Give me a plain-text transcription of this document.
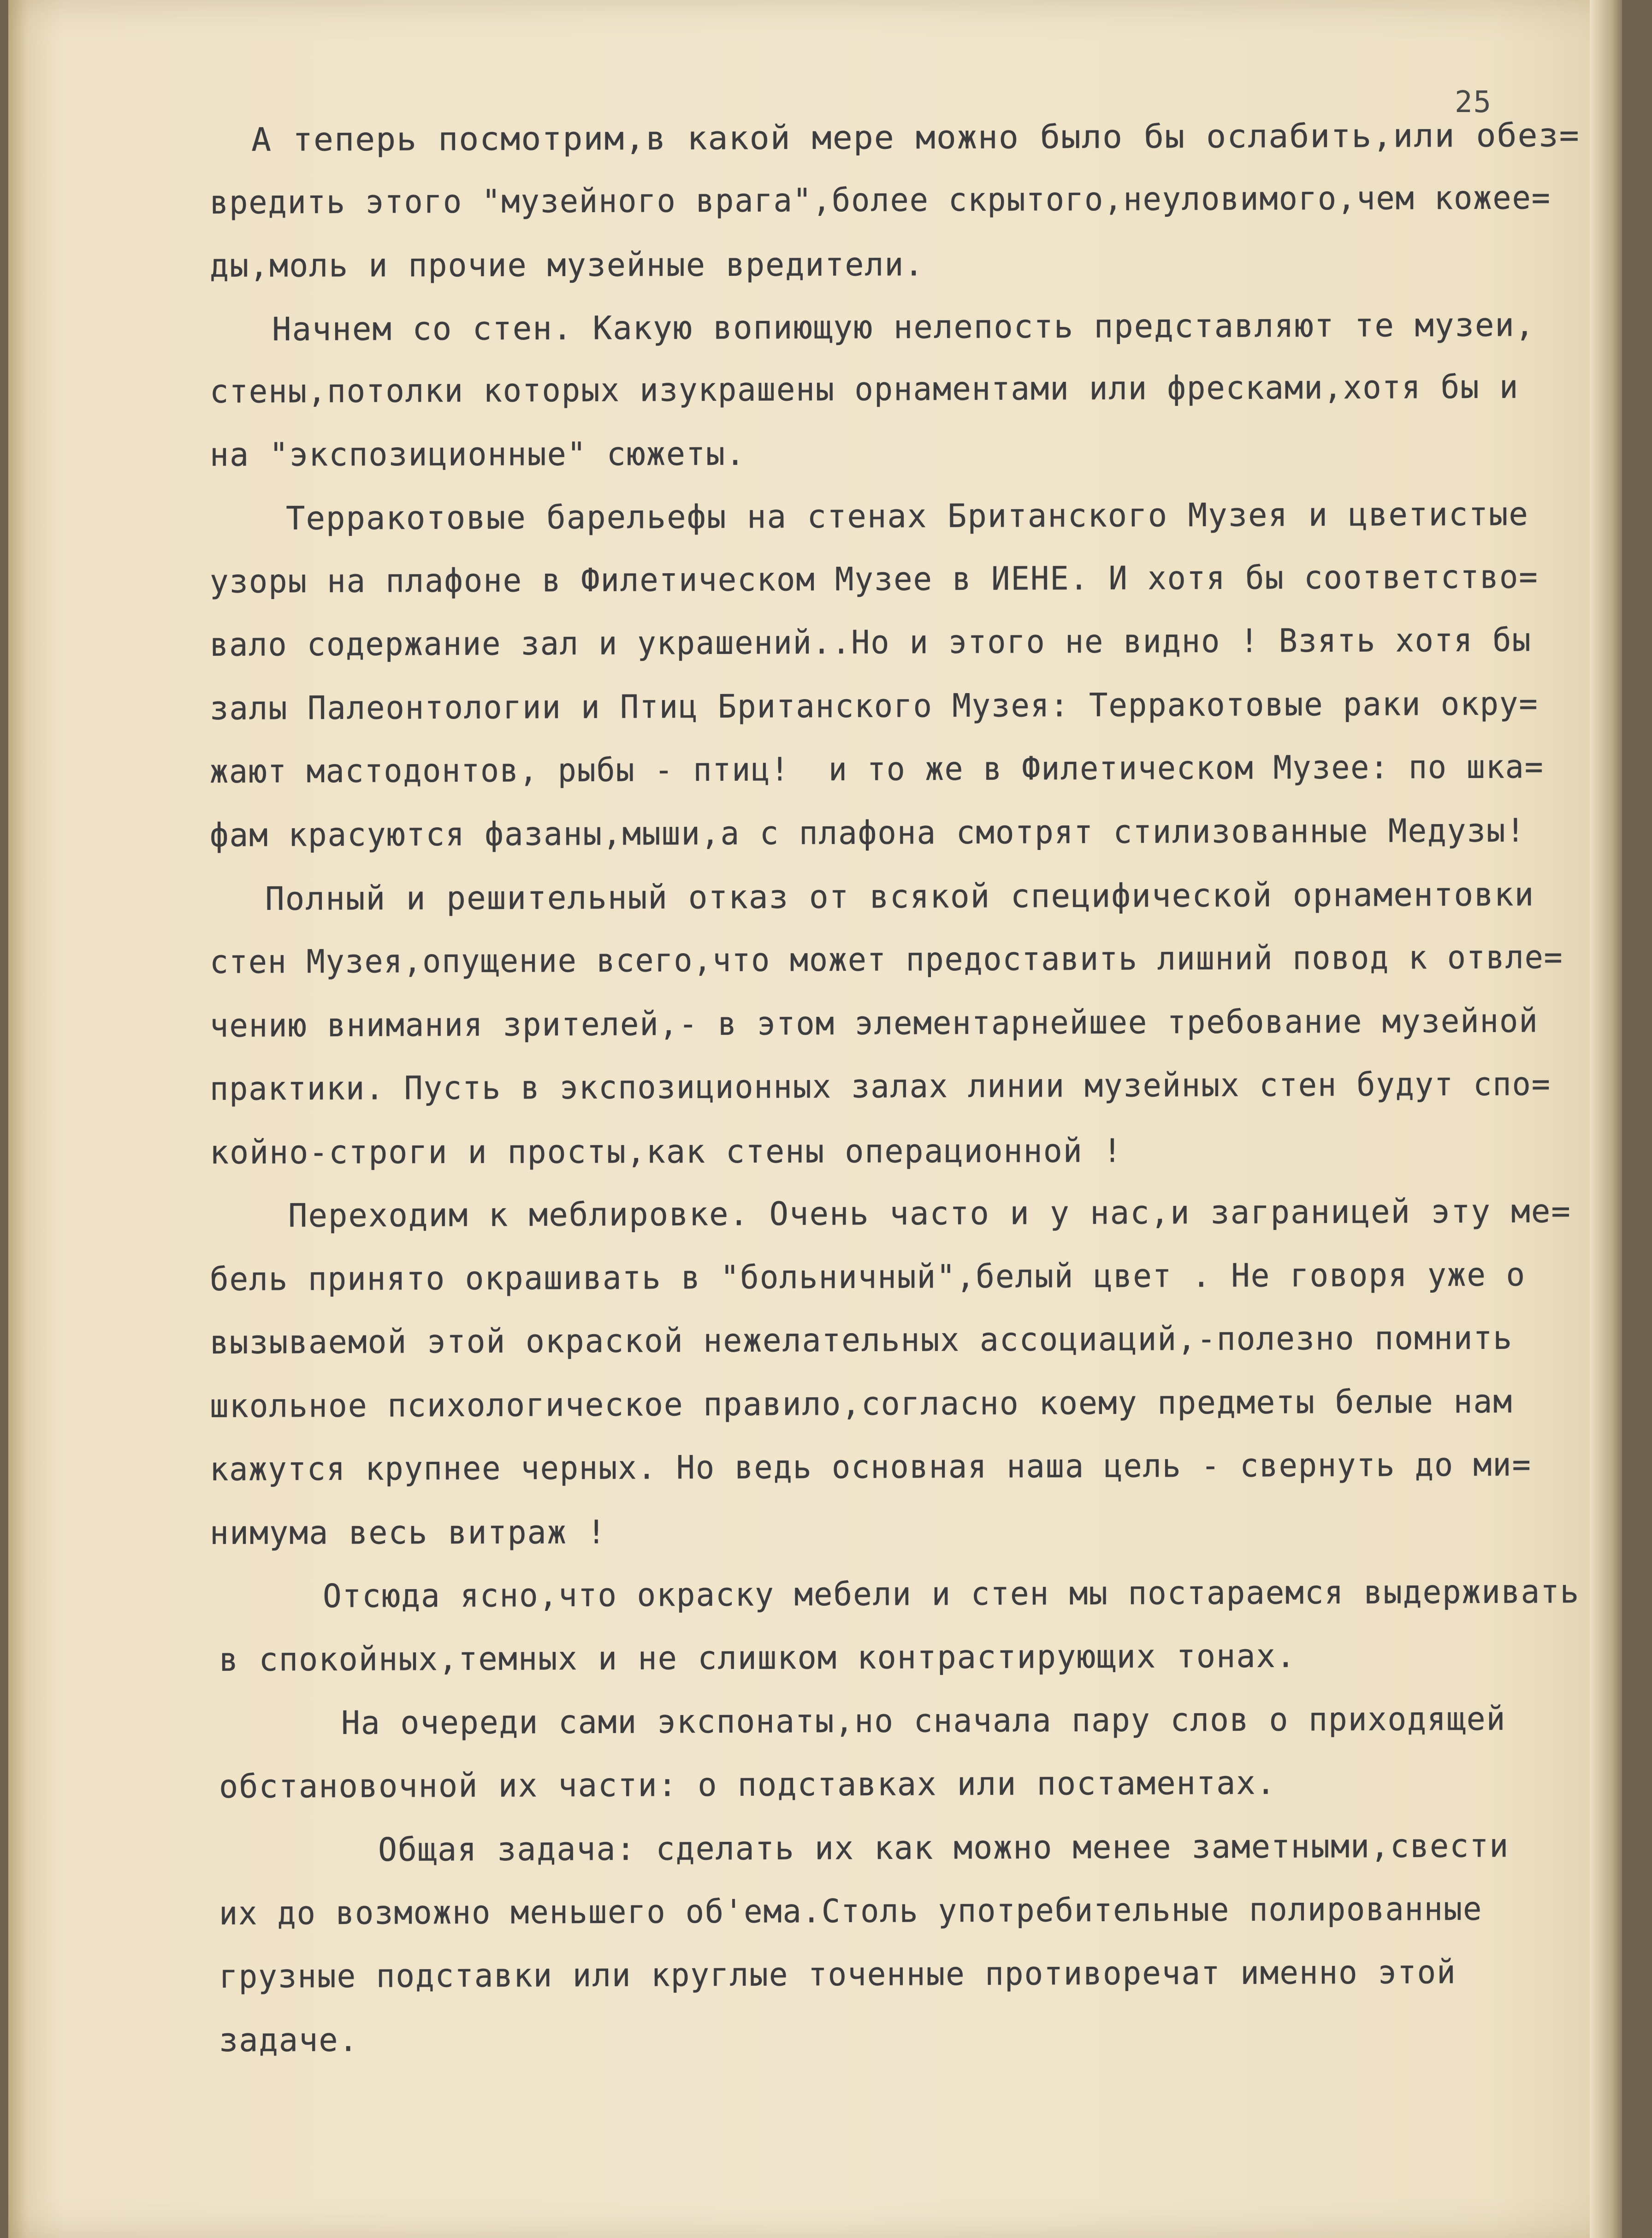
25
А теперь посмотрим,в какой мере можно было бы ослабить,или обез=
вредить этого "музейного врага",более скрытого,неуловимого,чем кожее=
ды,моль и прочие музейные вредители.
Начнем со стен. Какую вопиющую нелепость представляют те музеи,
стены,потолки которых изукрашены орнаментами или фресками,хотя бы и
на "экспозиционные" сюжеты.
Терракотовые барельефы на стенах Британского Музея и цветистые
узоры на плафоне в Филетическом Музее в ИЕНЕ. И хотя бы соответство=
вало содержание зал и украшений..Но и этого не видно ! Взять хотя бы
залы Палеонтологии и Птиц Британского Музея: Терракотовые раки окру=
жают мастодонтов, рыбы - птиц!  и то же в Филетическом Музее: по шка=
фам красуются фазаны,мыши,а с плафона смотрят стилизованные Медузы!
Полный и решительный отказ от всякой специфической орнаментовки
стен Музея,опущение всего,что может предоставить лишний повод к отвле=
чению внимания зрителей,- в этом элементарнейшее требование музейной
практики. Пусть в экспозиционных залах линии музейных стен будут спо=
койно-строги и просты,как стены операционной !
Переходим к меблировке. Очень часто и у нас,и заграницей эту ме=
бель принято окрашивать в "больничный",белый цвет . Не говоря уже о
вызываемой этой окраской нежелательных ассоциаций,-полезно помнить
школьное психологическое правило,согласно коему предметы белые нам
кажутся крупнее черных. Но ведь основная наша цель - свернуть до ми=
нимума весь витраж !
Отсюда ясно,что окраску мебели и стен мы постараемся выдерживать
в спокойных,темных и не слишком контрастирующих тонах.
На очереди сами экспонаты,но сначала пару слов о приходящей
обстановочной их части: о подставках или постаментах.
Общая задача: сделать их как можно менее заметными,свести
их до возможно меньшего об'ема.Столь употребительные полированные
грузные подставки или круглые точенные противоречат именно этой
задаче.
